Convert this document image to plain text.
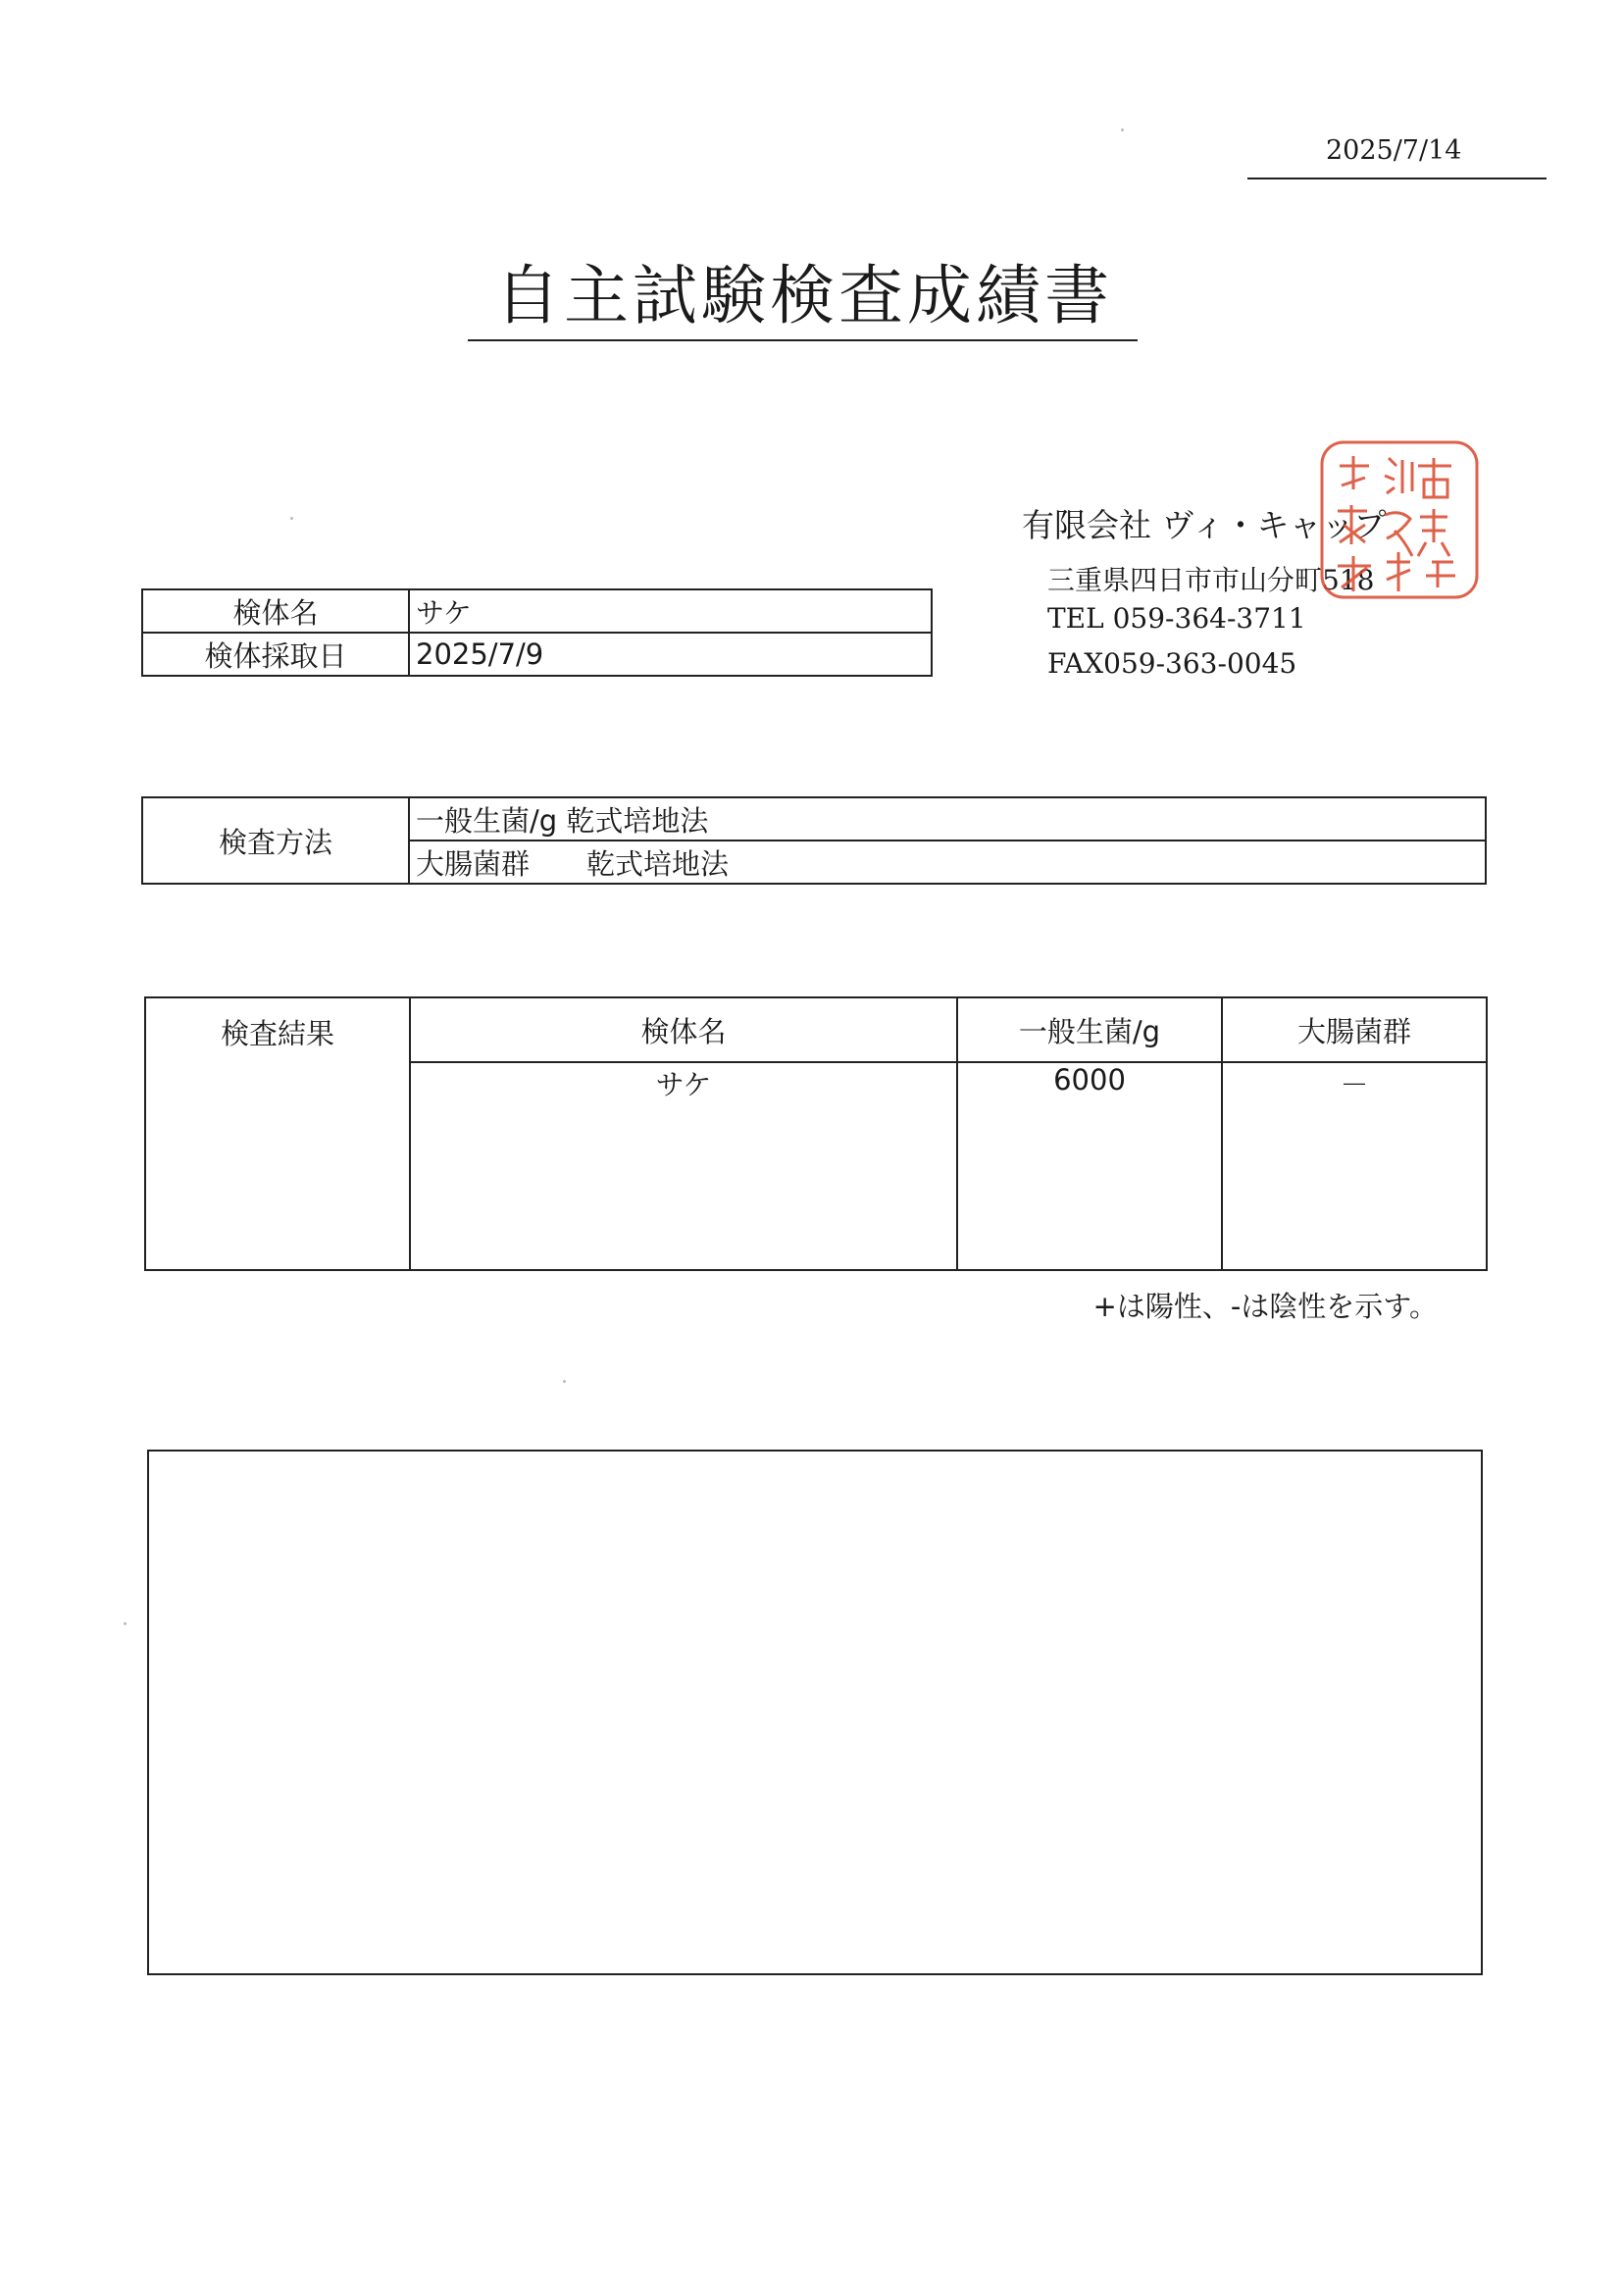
2025/7/14
自主試験検査成績書
有限会社 ヴィ・キャップ
三重県四日市市山分町518
TEL 059-364-3711
FAX059-363-0045
検体名	サケ
検体採取日	2025/7/9
検査方法	一般生菌/g 乾式培地法
大腸菌群　　乾式培地法
検査結果	検体名	一般生菌/g	大腸菌群
	サケ	6000	－
+は陽性、-は陰性を示す。
